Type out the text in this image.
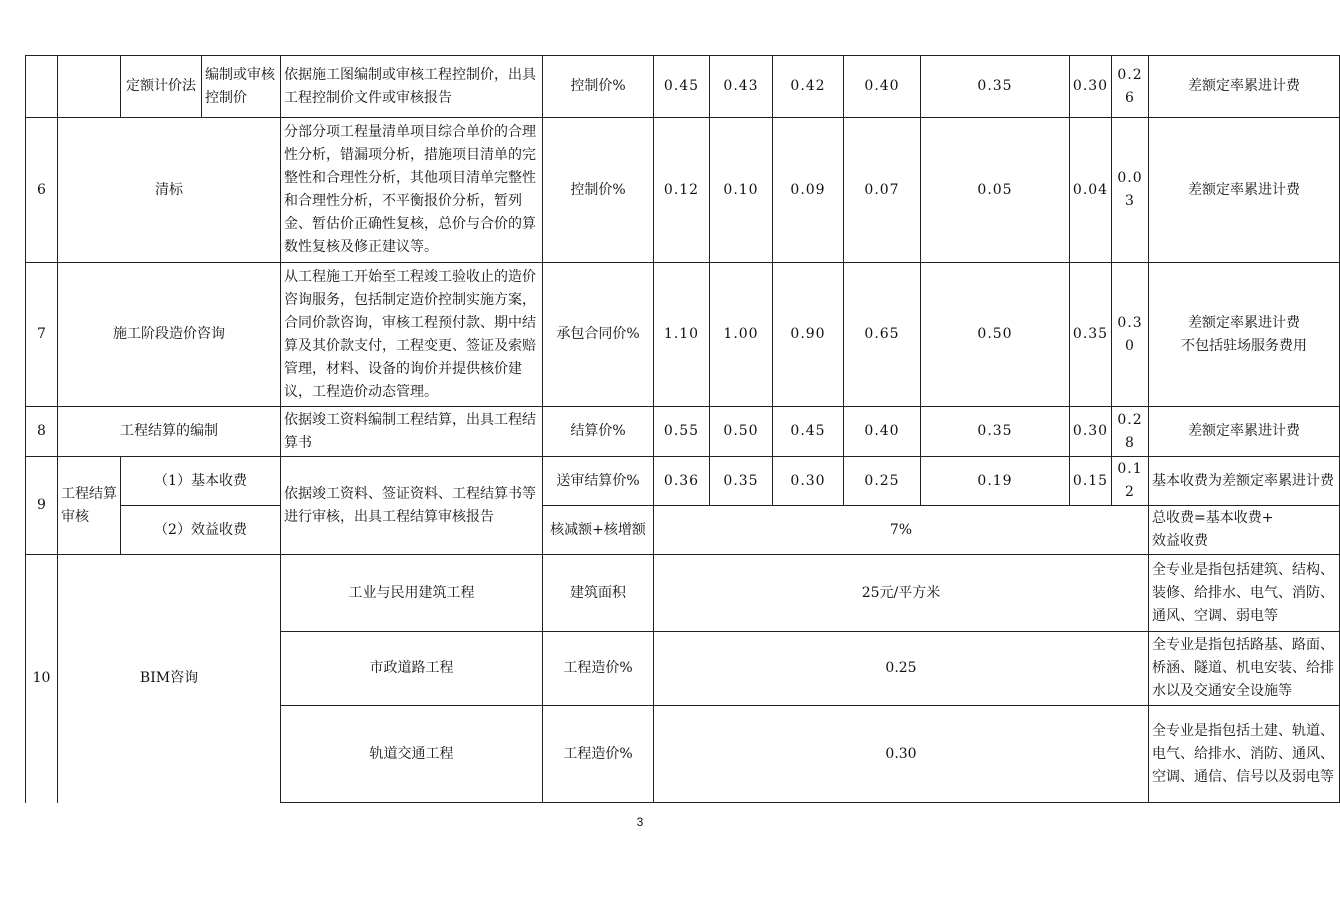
		定额计价法	编制或审核控制价	依据施工图编制或审核工程控制价，出具工程控制价文件或审核报告	控制价%	0.45	0.43	0.42	0.40	0.35	0.30	0.26	差额定率累进计费
6	清标			分部分项工程量清单项目综合单价的合理性分析，错漏项分析，措施项目清单的完整性和合理性分析，其他项目清单完整性和合理性分析，不平衡报价分析，暂列金、暂估价正确性复核，总价与合价的算数性复核及修正建议等。	控制价%	0.12	0.10	0.09	0.07	0.05	0.04	0.03	差额定率累进计费
7	施工阶段造价咨询			从工程施工开始至工程竣工验收止的造价咨询服务，包括制定造价控制实施方案，合同价款咨询，审核工程预付款、期中结算及其价款支付，工程变更、签证及索赔管理，材料、设备的询价并提供核价建议，工程造价动态管理。	承包合同价%	1.10	1.00	0.90	0.65	0.50	0.35	0.30	差额定率累进计费
不包括驻场服务费用
8	工程结算的编制			依据竣工资料编制工程结算，出具工程结算书	结算价%	0.55	0.50	0.45	0.40	0.35	0.30	0.28	差额定率累进计费
9	工程结算审核	（1）基本收费		依据竣工资料、签证资料、工程结算书等进行审核，出具工程结算审核报告	送审结算价%	0.36	0.35	0.30	0.25	0.19	0.15	0.12	基本收费为差额定率累进计费
		（2）效益收费			核减额+核增额	7%							总收费=基本收费+
效益收费
10	BIM咨询			工业与民用建筑工程	建筑面积	25元/平方米							全专业是指包括建筑、结构、装修、给排水、电气、消防、通风、空调、弱电等
				市政道路工程	工程造价%	0.25							全专业是指包括路基、路面、桥涵、隧道、机电安装、给排水以及交通安全设施等
				轨道交通工程	工程造价%	0.30							全专业是指包括土建、轨道、电气、给排水、消防、通风、空调、通信、信号以及弱电等
3
